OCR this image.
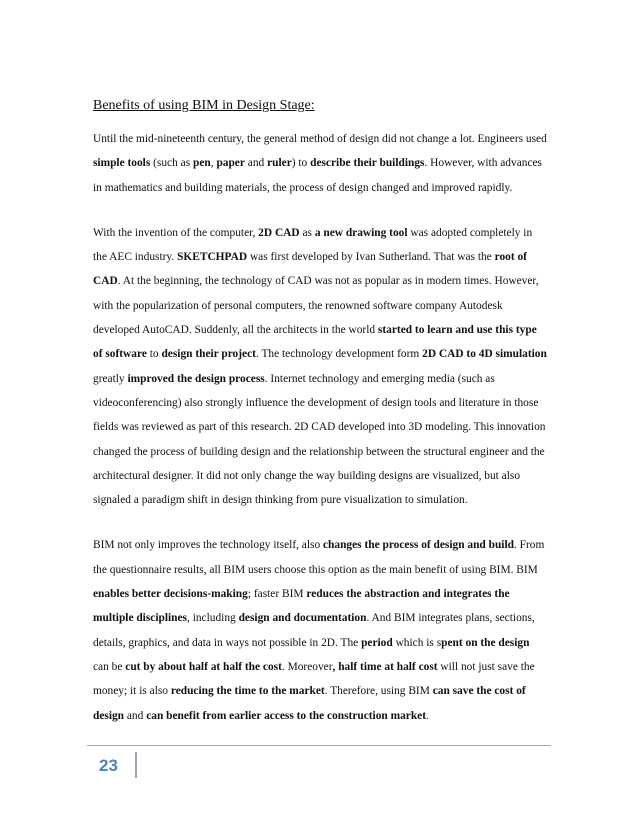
Benefits of using BIM in Design Stage:

Until the mid-nineteenth century, the general method of design did not change a lot. Engineers used simple tools (such as pen, paper and ruler) to describe their buildings. However, with advances in mathematics and building materials, the process of design changed and improved rapidly.

With the invention of the computer, 2D CAD as a new drawing tool was adopted completely in the AEC industry. SKETCHPAD was first developed by Ivan Sutherland. That was the root of CAD. At the beginning, the technology of CAD was not as popular as in modern times. However, with the popularization of personal computers, the renowned software company Autodesk developed AutoCAD. Suddenly, all the architects in the world started to learn and use this type of software to design their project. The technology development form 2D CAD to 4D simulation greatly improved the design process. Internet technology and emerging media (such as videoconferencing) also strongly influence the development of design tools and literature in those fields was reviewed as part of this research. 2D CAD developed into 3D modeling. This innovation changed the process of building design and the relationship between the structural engineer and the architectural designer. It did not only change the way building designs are visualized, but also signaled a paradigm shift in design thinking from pure visualization to simulation.

BIM not only improves the technology itself, also changes the process of design and build. From the questionnaire results, all BIM users choose this option as the main benefit of using BIM. BIM enables better decisions-making; faster BIM reduces the abstraction and integrates the multiple disciplines, including design and documentation. And BIM integrates plans, sections, details, graphics, and data in ways not possible in 2D. The period which is spent on the design can be cut by about half at half the cost. Moreover, half time at half cost will not just save the money; it is also reducing the time to the market. Therefore, using BIM can save the cost of design and can benefit from earlier access to the construction market.

23
